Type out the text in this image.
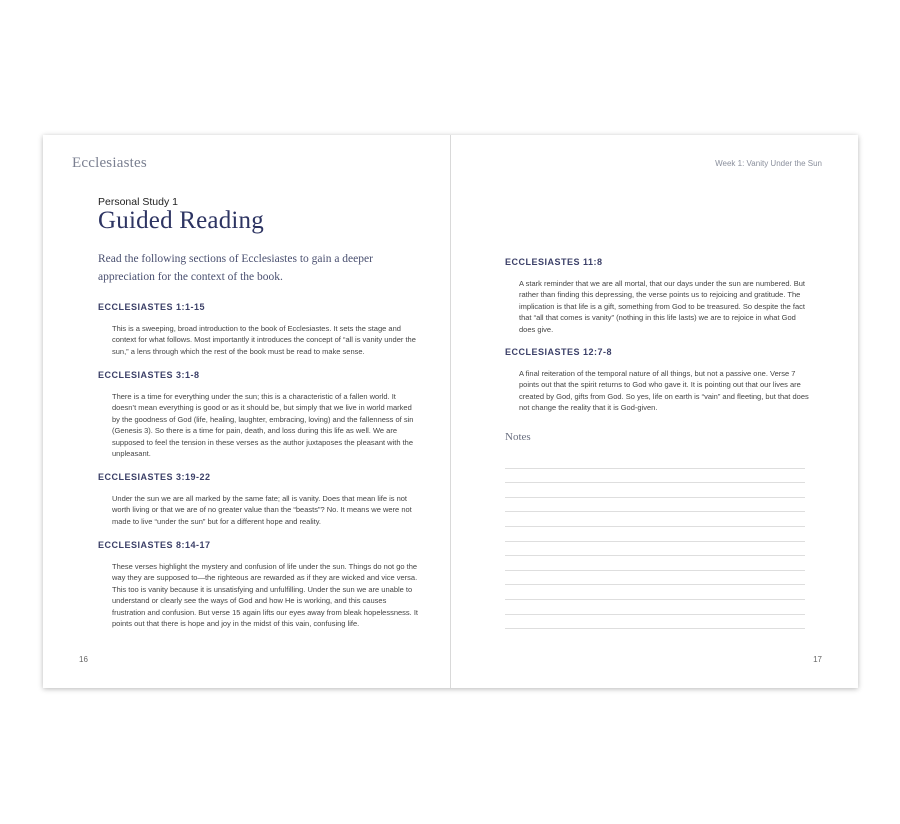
Ecclesiastes
Personal Study 1
Guided Reading
Read the following sections of Ecclesiastes to gain a deeper appreciation for the context of the book.

ECCLESIASTES 1:1-15

This is a sweeping, broad introduction to the book of Ecclesiastes. It sets the stage and context for what follows. Most importantly it introduces the concept of “all is vanity under the sun,” a lens through which the rest of the book must be read to make sense.

ECCLESIASTES 3:1-8

There is a time for everything under the sun; this is a characteristic of a fallen world. It doesn’t mean everything is good or as it should be, but simply that we live in world marked by the goodness of God (life, healing, laughter, embracing, loving) and the fallenness of sin (Genesis 3). So there is a time for pain, death, and loss during this life as well. We are supposed to feel the tension in these verses as the author juxtaposes the pleasant with the unpleasant.

ECCLESIASTES 3:19-22

Under the sun we are all marked by the same fate; all is vanity. Does that mean life is not worth living or that we are of no greater value than the “beasts”? No. It means we were not made to live “under the sun” but for a different hope and reality.

ECCLESIASTES 8:14-17

These verses highlight the mystery and confusion of life under the sun. Things do not go the way they are supposed to—the righteous are rewarded as if they are wicked and vice versa. This too is vanity because it is unsatisfying and unfulfilling. Under the sun we are unable to understand or clearly see the ways of God and how He is working, and this causes frustration and confusion. But verse 15 again lifts our eyes away from bleak hopelessness. It points out that there is hope and joy in the midst of this vain, confusing life.

16
Week 1: Vanity Under the Sun

ECCLESIASTES 11:8

A stark reminder that we are all mortal, that our days under the sun are numbered. But rather than finding this depressing, the verse points us to rejoicing and gratitude. The implication is that life is a gift, something from God to be treasured. So despite the fact that “all that comes is vanity” (nothing in this life lasts) we are to rejoice in what God does give.

ECCLESIASTES 12:7-8

A final reiteration of the temporal nature of all things, but not a passive one. Verse 7 points out that the spirit returns to God who gave it. It is pointing out that our lives are created by God, gifts from God. So yes, life on earth is “vain” and fleeting, but that does not change the reality that it is God-given.

Notes
17
